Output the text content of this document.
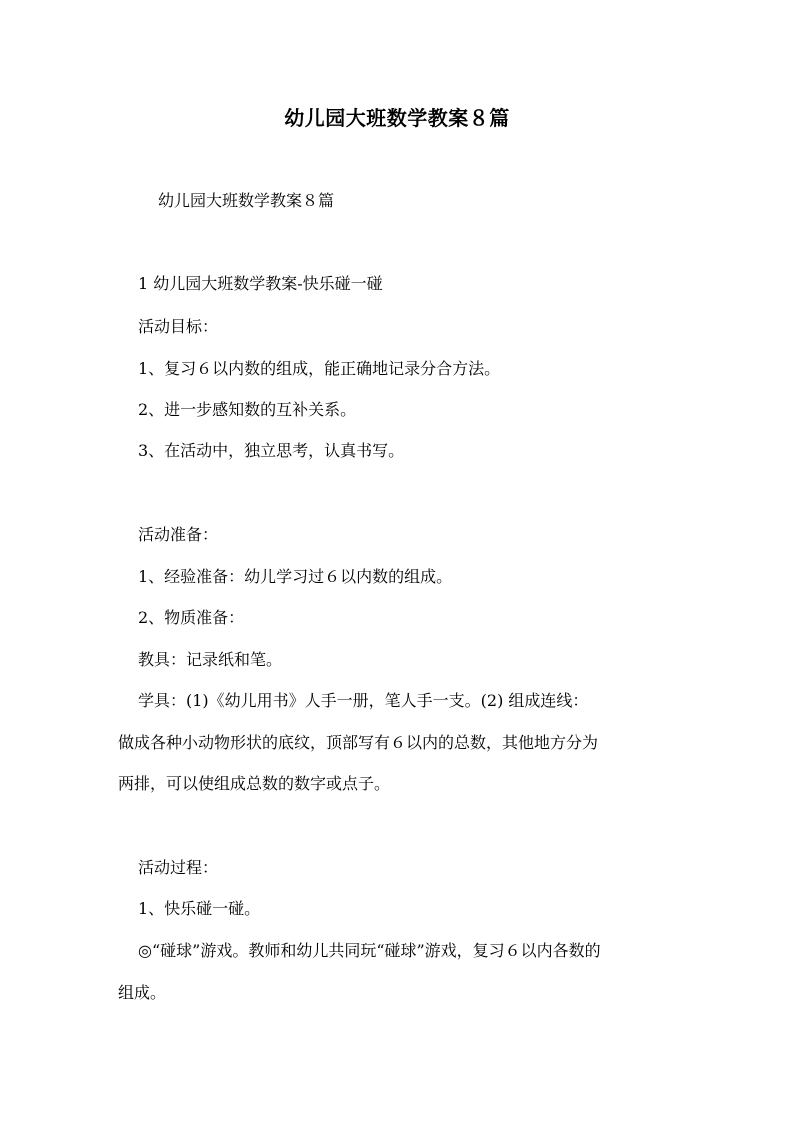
幼儿园大班数学教案８篇
幼儿园大班数学教案８篇
1 幼儿园大班数学教案-快乐碰一碰
活动目标：
1、复习６以内数的组成，能正确地记录分合方法。
2、进一步感知数的互补关系。
3、在活动中，独立思考，认真书写。
活动准备：
1、经验准备：幼儿学习过６以内数的组成。
2、物质准备：
教具：记录纸和笔。
学具：(1)《幼儿用书》人手一册，笔人手一支。(2) 组成连线：
做成各种小动物形状的底纹，顶部写有６以内的总数，其他地方分为
两排，可以使组成总数的数字或点子。
活动过程：
1、快乐碰一碰。
◎“碰球”游戏。教师和幼儿共同玩“碰球”游戏，复习６以内各数的
组成。
